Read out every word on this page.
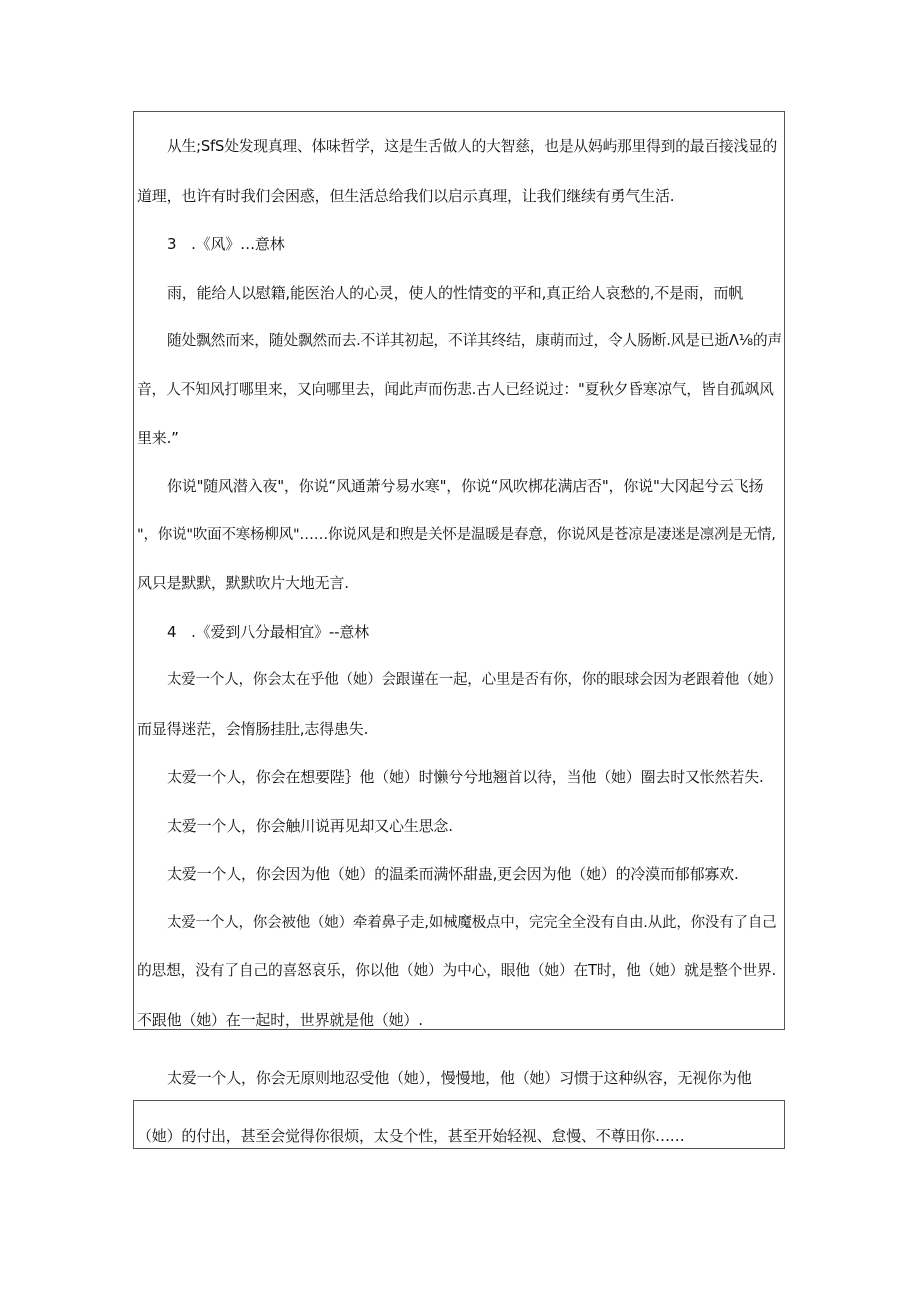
从生;SfS处发现真理、体味哲学，这是生舌做人的大智慈，也是从妈屿那里得到的最百接浅显的
道理，也许有时我们会困惑，但生活总给我们以启示真理，让我们继续有勇气生活.
3　.《风》…意林
雨，能给人以慰籍,能医治人的心灵，使人的性情变的平和,真正给人哀愁的,不是雨，而帆
随处飘然而来，随处飘然而去.不详其初起，不详其终结，康萌而过，令人肠断.风是已逝Λ⅛的声
音，人不知风打哪里来，又向哪里去，闻此声而伤悲.古人已经说过："夏秋夕昏寒凉气，皆自孤飒风
里来.”
你说"随风潜入夜"，你说“风通萧兮易水寒"，你说“风吹梆花满店否"，你说"大冈起兮云飞扬
"，你说"吹面不寒杨柳风"……你说风是和煦是关怀是温暖是春意，你说风是苍凉是凄迷是凛冽是无情,
风只是默默，默默吹片大地无言.
4　.《爱到八分最相宜》--意林
太爱一个人，你会太在乎他（她）会跟谨在一起，心里是否有你，你的眼球会因为老跟着他（她）
而显得迷茫，会惰肠挂肚,志得患失.
太爱一个人，你会在想要陛｝他（她）时懒兮兮地翘首以待，当他（她）圈去时又怅然若失.
太爱一个人，你会触川说再见却又心生思念.
太爱一个人，你会因为他（她）的温柔而满怀甜蛊,更会因为他（她）的冷漠而郁郁寡欢.
太爱一个人，你会被他（她）牵着鼻子走,如械魔极点中，完完全全没有自由.从此，你没有了自己
的思想，没有了自己的喜怒哀乐，你以他（她）为中心，眼他（她）在T时，他（她）就是整个世界.
不跟他（她）在一起时，世界就是他（她）.
太爱一个人，你会无原则地忍受他（她），慢慢地，他（她）习惯于这种纵容，无视你为他
（她）的付出，甚至会觉得你很烦，太殳个性，甚至开始轻视、怠慢、不尊田你……
